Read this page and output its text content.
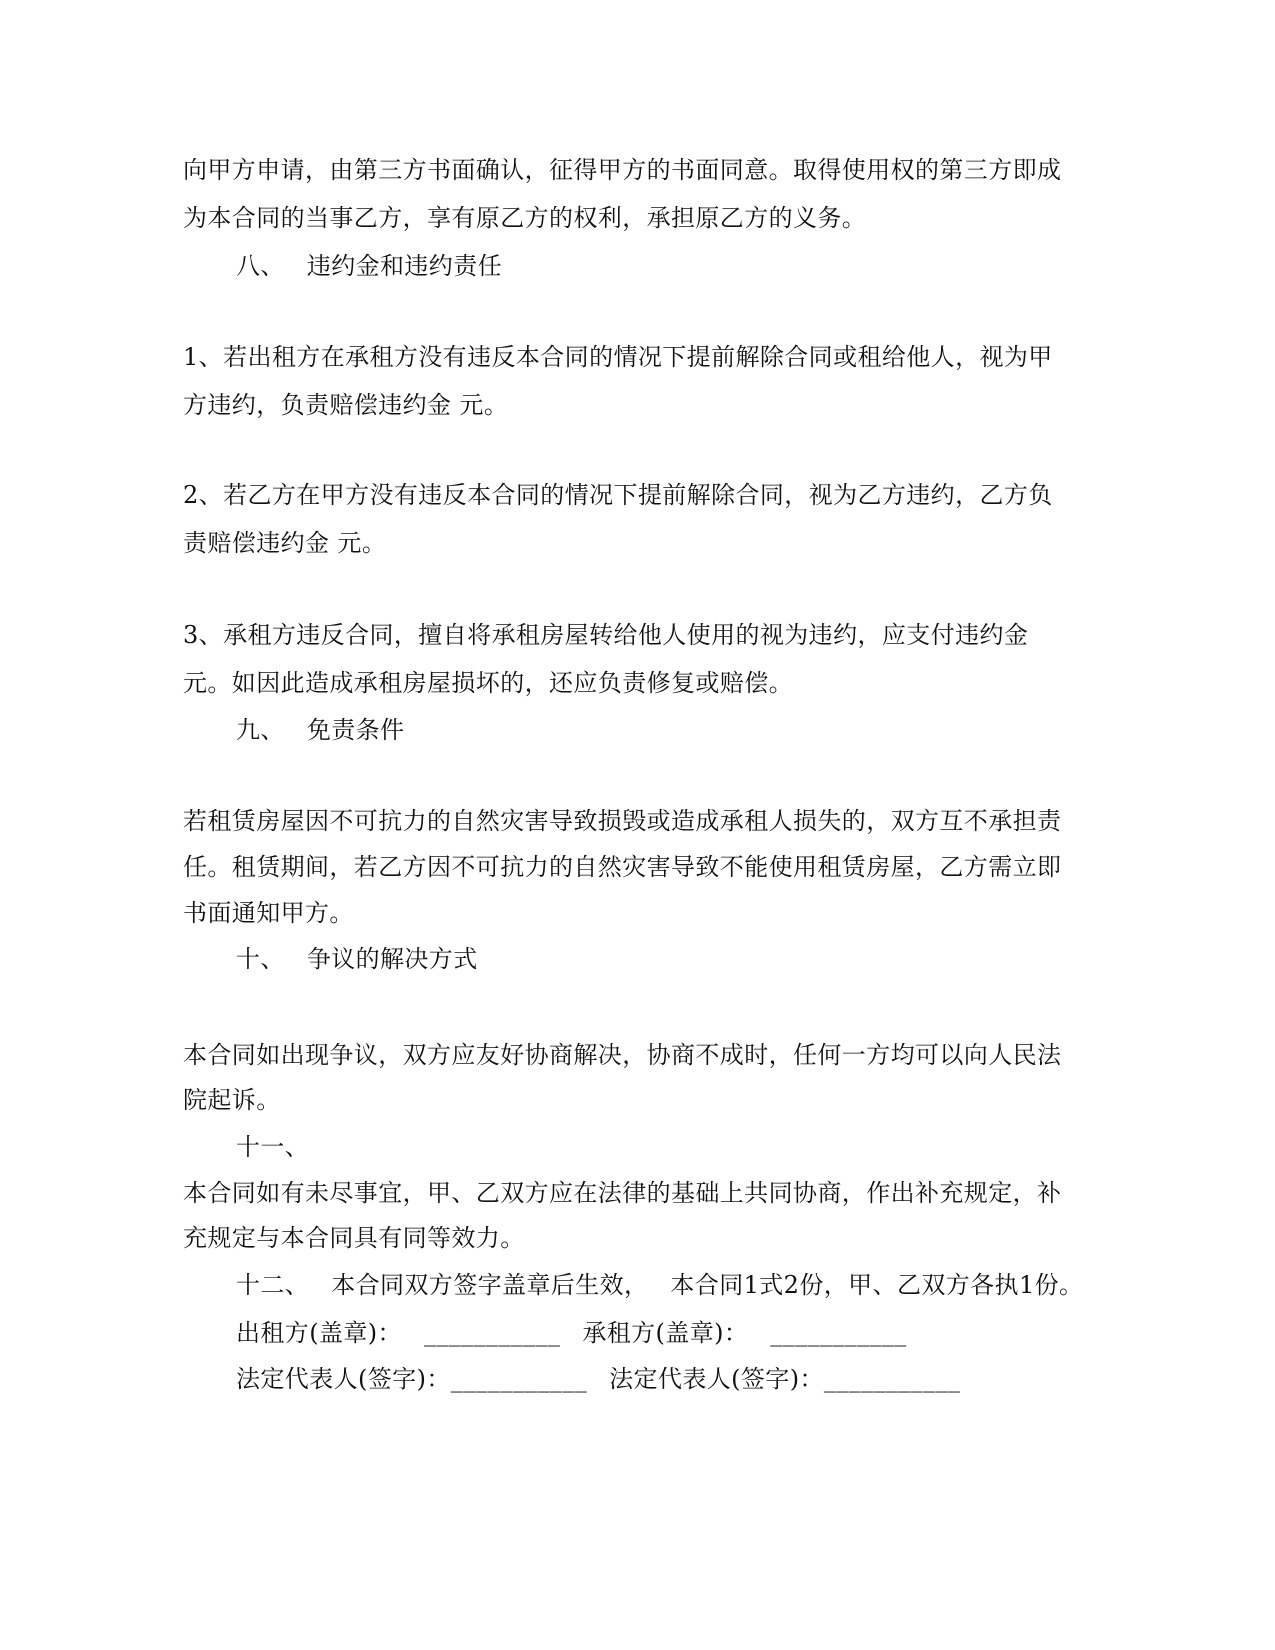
向甲方申请，由第三方书面确认，征得甲方的书面同意。取得使用权的第三方即成
为本合同的当事乙方，享有原乙方的权利，承担原乙方的义务。
八、 违约金和违约责任
1、若出租方在承租方没有违反本合同的情况下提前解除合同或租给他人，视为甲
方违约，负责赔偿违约金 元。
2、若乙方在甲方没有违反本合同的情况下提前解除合同，视为乙方违约，乙方负
责赔偿违约金 元。
3、承租方违反合同，擅自将承租房屋转给他人使用的视为违约，应支付违约金
元。如因此造成承租房屋损坏的，还应负责修复或赔偿。
九、 免责条件
若租赁房屋因不可抗力的自然灾害导致损毁或造成承租人损失的，双方互不承担责
任。租赁期间，若乙方因不可抗力的自然灾害导致不能使用租赁房屋，乙方需立即
书面通知甲方。
十、 争议的解决方式
本合同如出现争议，双方应友好协商解决，协商不成时，任何一方均可以向人民法
院起诉。
十一、
本合同如有未尽事宜，甲、乙双方应在法律的基础上共同协商，作出补充规定，补
充规定与本合同具有同等效力。
十二、 本合同双方签字盖章后生效， 本合同1式2份，甲、乙双方各执1份。
出租方(盖章)： ___________ 承租方(盖章)： ___________
法定代表人(签字)：___________ 法定代表人(签字)：___________
